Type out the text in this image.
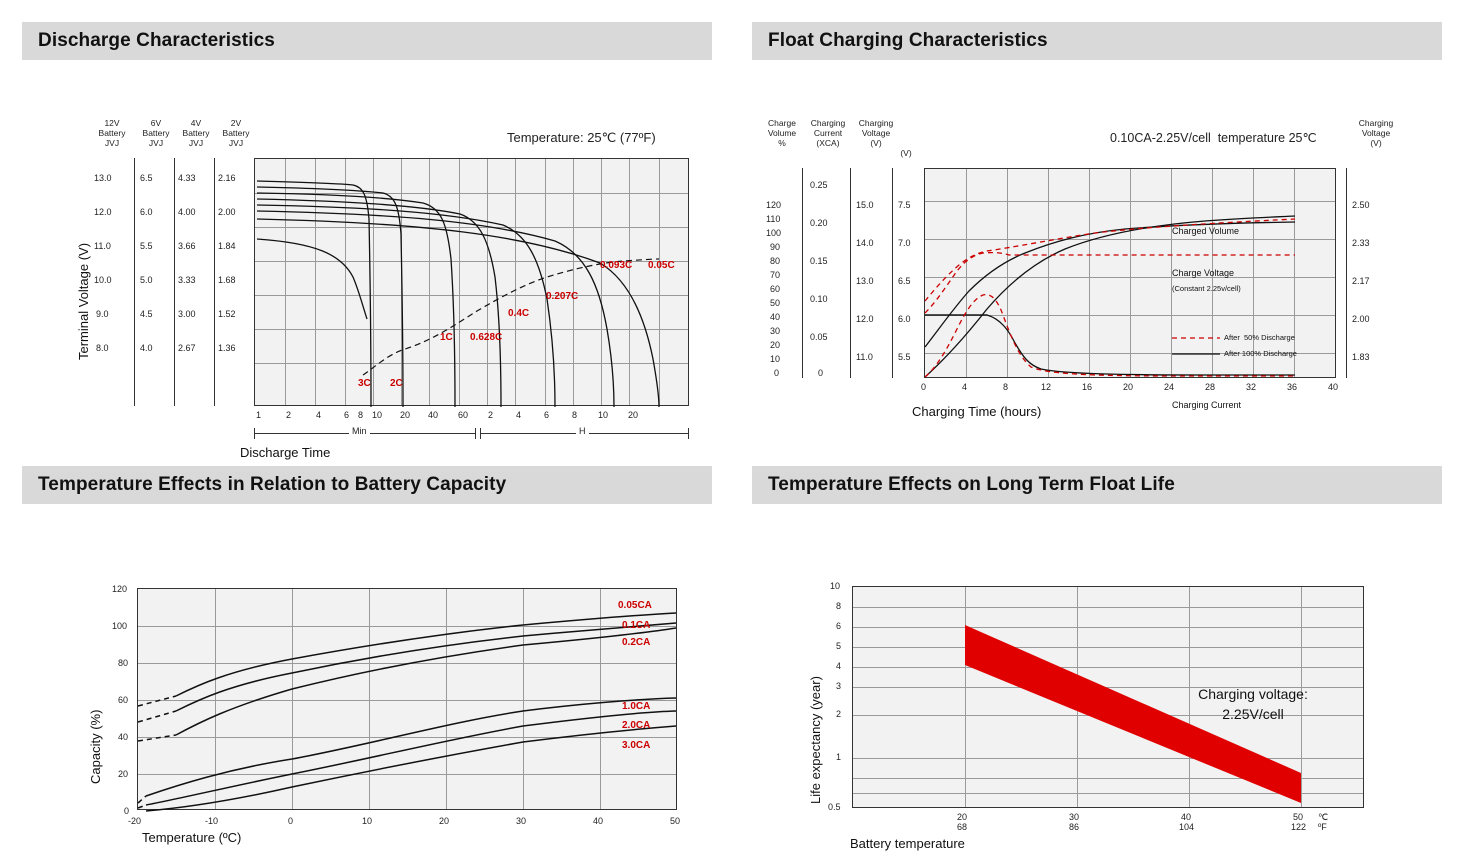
Discharge Characteristics
12V
Battery
JVJ
6V
Battery
JVJ
4V
Battery
JVJ
2V
Battery
JVJ
13.0
12.0
11.0
10.0
9.0
8.0
6.5
6.0
5.5
5.0
4.5
4.0
4.33
4.00
3.66
3.33
3.00
2.67
2.16
2.00
1.84
1.68
1.52
1.36
Terminal Voltage (V)
Temperature: 25℃ (77ºF)
3C 2C
1C 0.628C
0.4C
0.207C
0.093C 0.05C
1	2	4	6 8 10 20 40 60 2	4	6	8 10 20
Min	H
Discharge Time
Float Charging Characteristics
Charge
Volume
%
Charging
Current
(XCA)
Charging
Voltage
(V)
(V)
Charging
Voltage
(V)
0.10CA-2.25V/cell  temperature 25℃
120
110
100
90
80
70
60
50
40
30
20
10
0
0.25
0.20
0.15
0.10
0.05
0
15.0
14.0
13.0
12.0
11.0
7.5
7.0
6.5
6.0
5.5
2.50
2.33
2.17
2.00
1.83
Charged Volume
Charge Voltage
(Constant 2.25v/cell)
Charging Current
After  50% Discharge
After 100% Discharge
0	4	8	12	16	20	24	28	32	36	40
Charging Time (hours)
Temperature Effects in Relation to Battery Capacity
Capacity (%)
120
100
80
60
40
20
0
0.05CA
0.1CA
0.2CA
1.0CA
2.0CA
3.0CA
-20	-10	0	10	20	30	40	50
Temperature (ºC)
Temperature Effects on Long Term Float Life
Life expectancy (year)
10
8
6
5
4
3
2
1
0.5
Charging voltage:
2.25V/cell
20
68
30
86
40
104
50
122
℃
ºF
Battery temperature
